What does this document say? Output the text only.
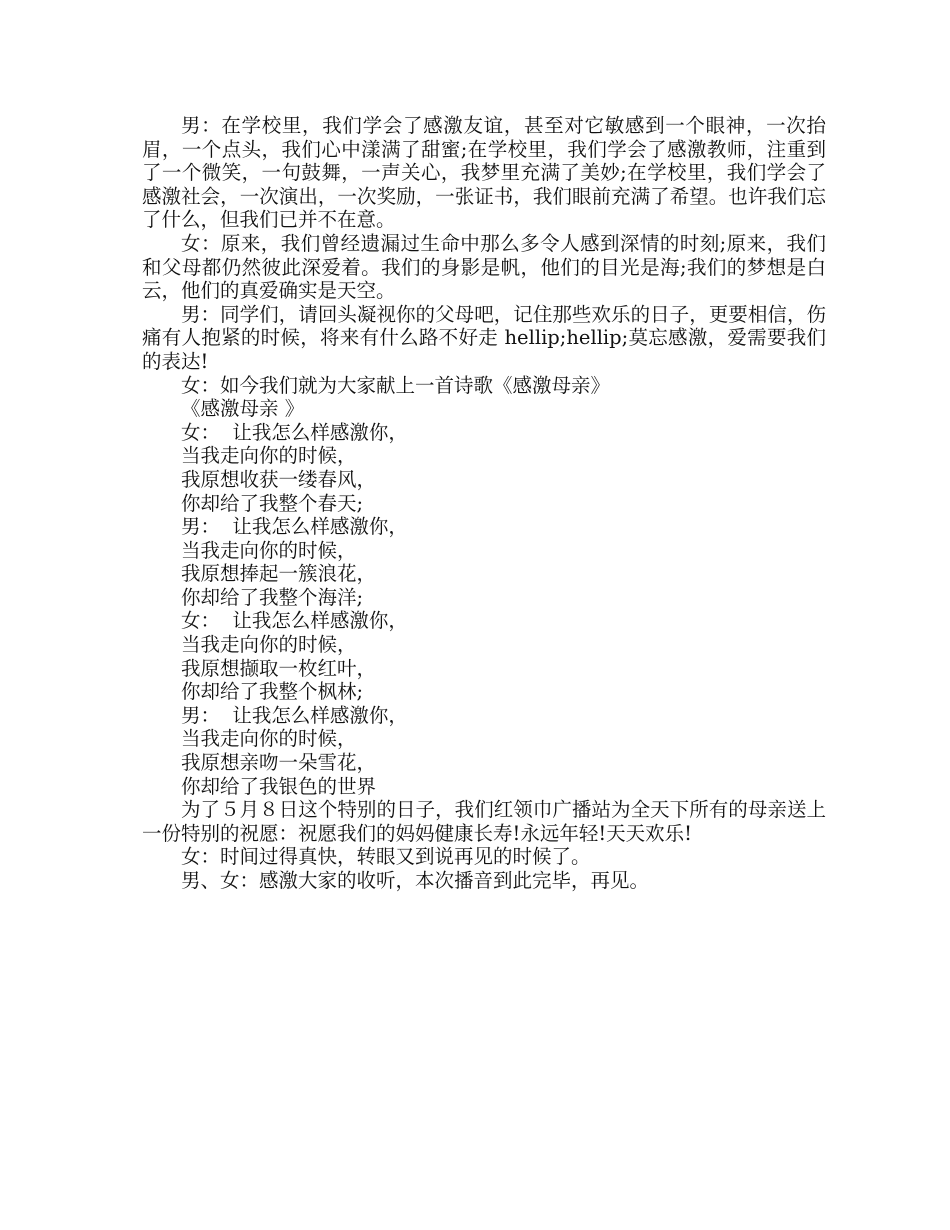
男：在学校里，我们学会了感激友谊，甚至对它敏感到一个眼神，一次抬眉，一个点头，我们心中漾满了甜蜜;在学校里，我们学会了感激教师，注重到了一个微笑，一句鼓舞，一声关心，我梦里充满了美妙;在学校里，我们学会了感激社会，一次演出，一次奖励，一张证书，我们眼前充满了希望。也许我们忘了什么，但我们已并不在意。

女：原来，我们曾经遗漏过生命中那么多令人感到深情的时刻;原来，我们和父母都仍然彼此深爱着。我们的身影是帆，他们的目光是海;我们的梦想是白云，他们的真爱确实是天空。

男：同学们，请回头凝视你的父母吧，记住那些欢乐的日子，更要相信，伤痛有人抱紧的时候，将来有什么路不好走 hellip;hellip;莫忘感激，爱需要我们的表达!

女：如今我们就为大家献上一首诗歌《感激母亲》

《感激母亲 》

女：  让我怎么样感激你，

当我走向你的时候，

我原想收获一缕春风，

你却给了我整个春天;

男：  让我怎么样感激你，

当我走向你的时候，

我原想捧起一簇浪花，

你却给了我整个海洋;

女：  让我怎么样感激你，

当我走向你的时候，

我原想撷取一枚红叶，

你却给了我整个枫林;

男：  让我怎么样感激你，

当我走向你的时候，

我原想亲吻一朵雪花，

你却给了我银色的世界

为了５月８日这个特别的日子，我们红领巾广播站为全天下所有的母亲送上一份特别的祝愿：祝愿我们的妈妈健康长寿!永远年轻!天天欢乐!

女：时间过得真快，转眼又到说再见的时候了。

男、女：感激大家的收听，本次播音到此完毕，再见。
